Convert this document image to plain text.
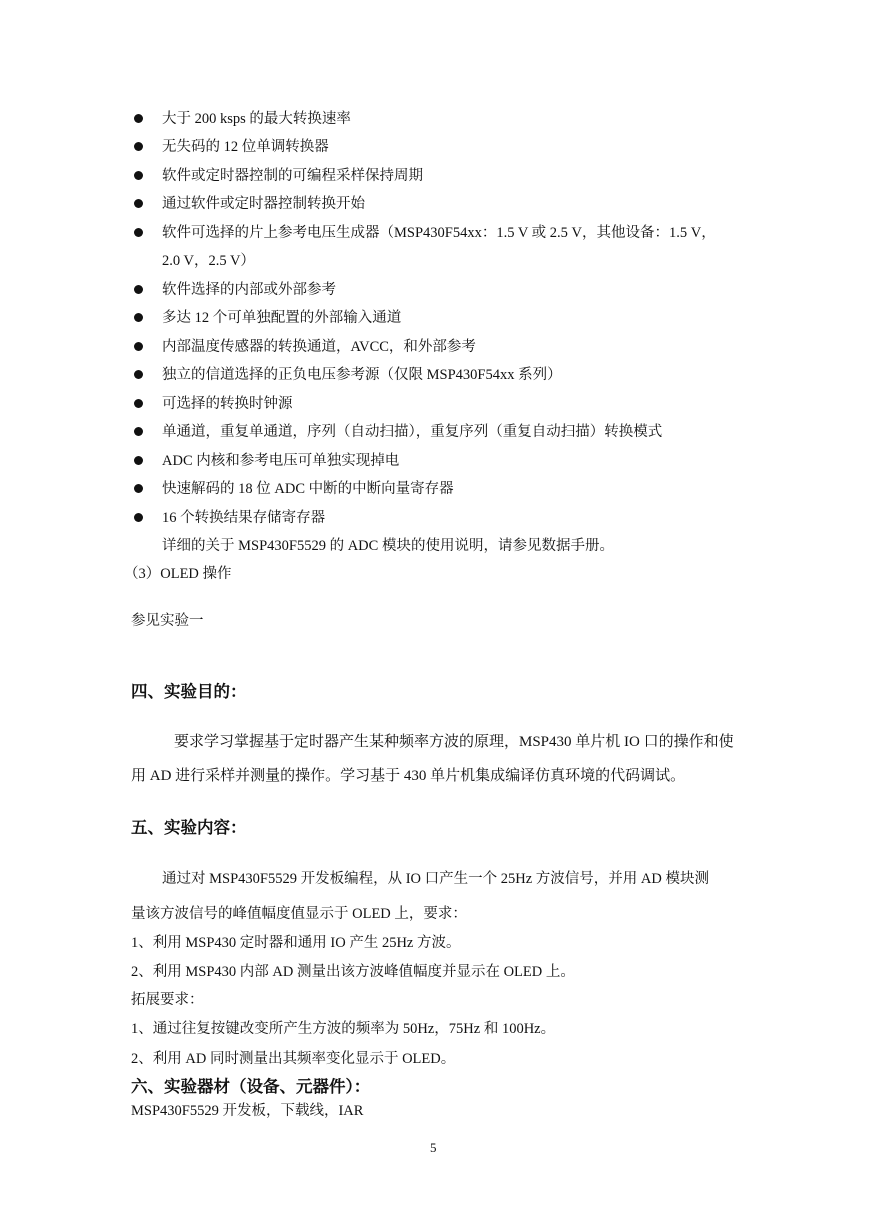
大于 200 ksps 的最大转换速率
无失码的 12 位单调转换器
软件或定时器控制的可编程采样保持周期
通过软件或定时器控制转换开始
软件可选择的片上参考电压生成器（MSP430F54xx：1.5 V 或 2.5 V，其他设备：1.5 V，
2.0 V，2.5 V）
软件选择的内部或外部参考
多达 12 个可单独配置的外部输入通道
内部温度传感器的转换通道，AVCC，和外部参考
独立的信道选择的正负电压参考源（仅限 MSP430F54xx 系列）
可选择的转换时钟源
单通道，重复单通道，序列（自动扫描），重复序列（重复自动扫描）转换模式
ADC 内核和参考电压可单独实现掉电
快速解码的 18 位 ADC 中断的中断向量寄存器
16 个转换结果存储寄存器
详细的关于 MSP430F5529 的 ADC 模块的使用说明，请参见数据手册。
（3）OLED 操作
参见实验一
四、实验目的：
要求学习掌握基于定时器产生某种频率方波的原理，MSP430 单片机 IO 口的操作和使
用 AD 进行采样并测量的操作。学习基于 430 单片机集成编译仿真环境的代码调试。
五、实验内容：
通过对 MSP430F5529 开发板编程，从 IO 口产生一个 25Hz 方波信号，并用 AD 模块测
量该方波信号的峰值幅度值显示于 OLED 上，要求：
1、利用 MSP430 定时器和通用 IO 产生 25Hz 方波。
2、利用 MSP430 内部 AD 测量出该方波峰值幅度并显示在 OLED 上。
拓展要求：
1、通过往复按键改变所产生方波的频率为 50Hz，75Hz 和 100Hz。
2、利用 AD 同时测量出其频率变化显示于 OLED。
六、实验器材（设备、元器件）：
MSP430F5529 开发板，下载线，IAR
5
